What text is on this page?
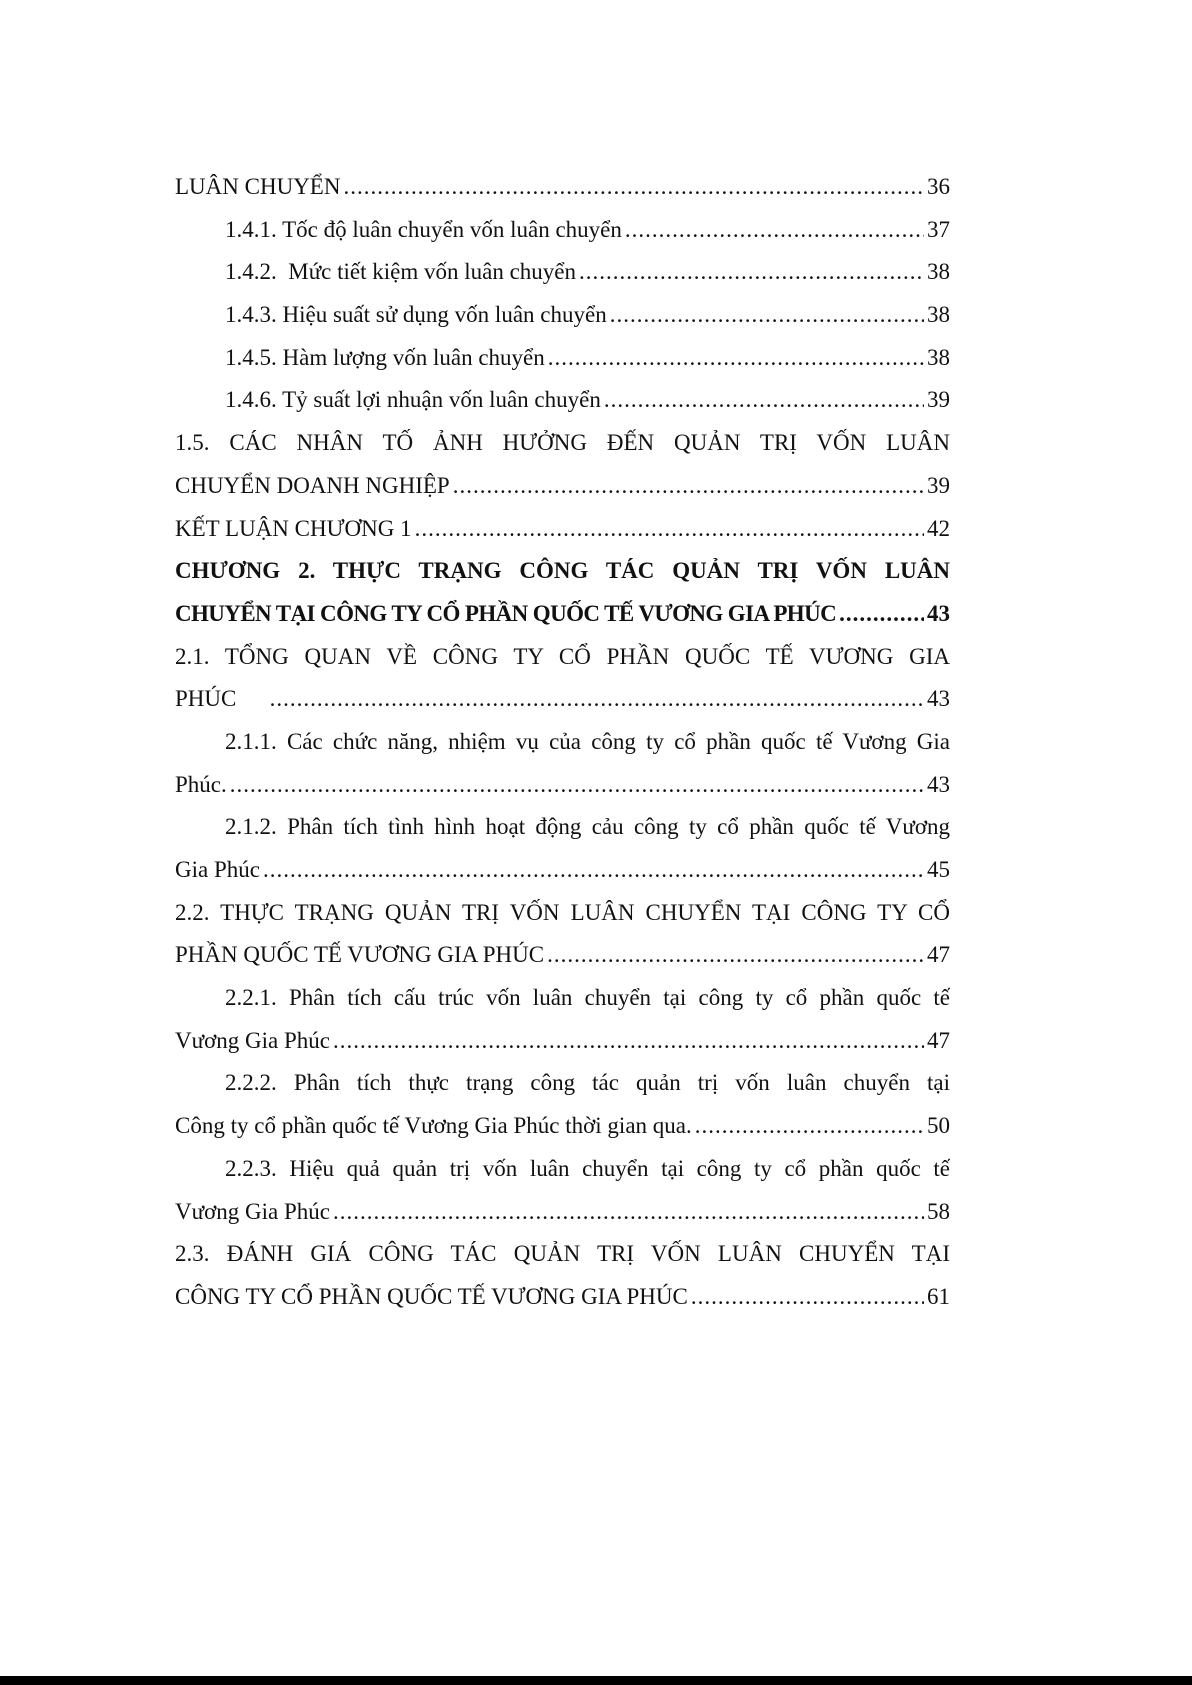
LUÂN CHUYỂN .....	36
1.4.1. Tốc độ luân chuyển vốn luân chuyển .....	37
1.4.2.  Mức tiết kiệm vốn luân chuyển .....	38
1.4.3. Hiệu suất sử dụng vốn luân chuyển .....	38
1.4.5. Hàm lượng vốn luân chuyển .....	38
1.4.6. Tỷ suất lợi nhuận vốn luân chuyển .....	39
1.5. CÁC NHÂN TỐ ẢNH HƯỞNG ĐẾN QUẢN TRỊ VỐN LUÂN
CHUYỂN DOANH NGHIỆP .....	39
KẾT LUẬN CHƯƠNG 1 .....	42
CHƯƠNG 2. THỰC TRẠNG CÔNG TÁC QUẢN TRỊ VỐN LUÂN
CHUYỂN TẠI CÔNG TY CỔ PHẦN QUỐC TẾ VƯƠNG GIA PHÚC .....	43
2.1. TỔNG QUAN VỀ CÔNG TY CỔ PHẦN QUỐC TẾ VƯƠNG GIA
PHÚC .....	43
2.1.1. Các chức năng, nhiệm vụ của công ty cổ phần quốc tế Vương Gia
Phúc. .....	43
2.1.2. Phân tích tình hình hoạt động cảu công ty cổ phần quốc tế Vương
Gia Phúc .....	45
2.2. THỰC TRẠNG QUẢN TRỊ VỐN LUÂN CHUYỂN TẠI CÔNG TY CỔ
PHẦN QUỐC TẾ VƯƠNG GIA PHÚC .....	47
2.2.1. Phân tích cấu trúc vốn luân chuyển tại công ty cổ phần quốc tế
Vương Gia Phúc .....	47
2.2.2. Phân tích thực trạng công tác quản trị vốn luân chuyển tại
Công ty cổ phần quốc tế Vương Gia Phúc thời gian qua. .....	50
2.2.3. Hiệu quả quản trị vốn luân chuyển tại công ty cổ phần quốc tế
Vương Gia Phúc .....	58
2.3. ĐÁNH GIÁ CÔNG TÁC QUẢN TRỊ VỐN LUÂN CHUYỂN TẠI
CÔNG TY CỔ PHẦN QUỐC TẾ VƯƠNG GIA PHÚC .....	61
